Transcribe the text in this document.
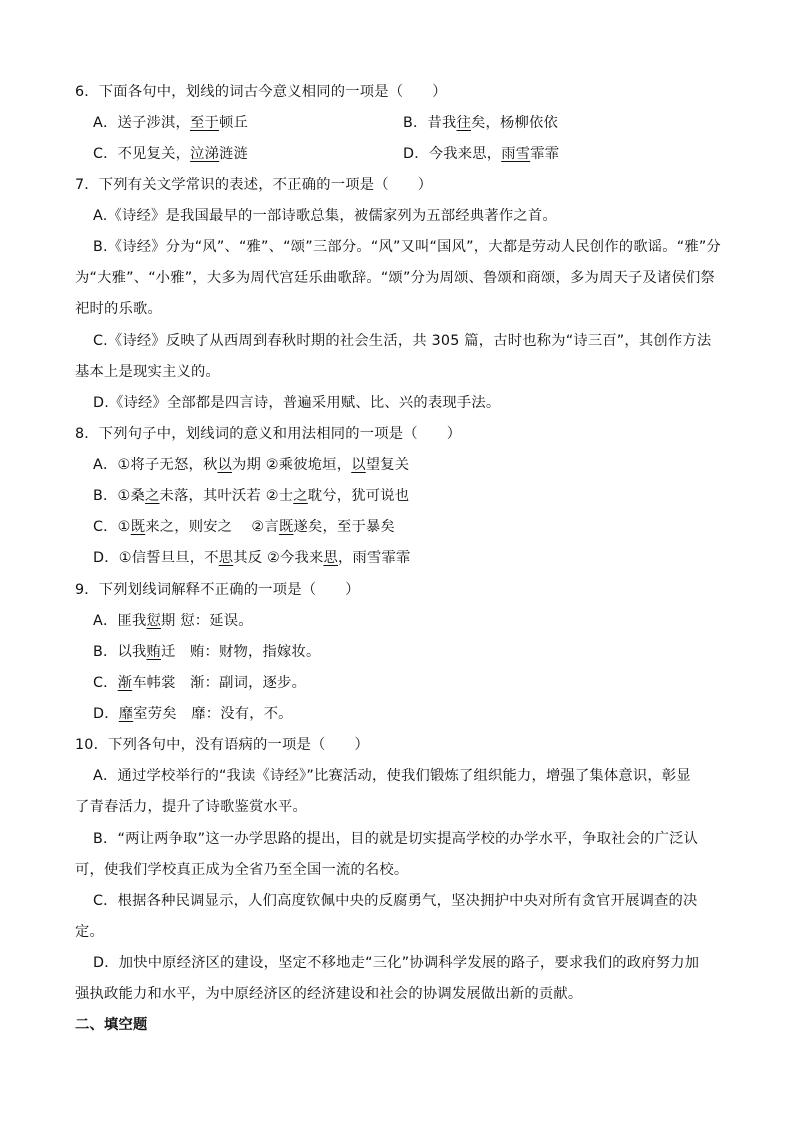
6．下面各句中，划线的词古今意义相同的一项是（　　）
A．送子涉淇，至于顿丘	B．昔我往矣，杨柳依依
C．不见复关，泣涕涟涟	D．今我来思，雨雪霏霏
7．下列有关文学常识的表述，不正确的一项是（　　）
A.《诗经》是我国最早的一部诗歌总集，被儒家列为五部经典著作之首。
B.《诗经》分为“风”、“雅”、“颂”三部分。“风”又叫“国风”，大都是劳动人民创作的歌谣。“雅”分
为“大雅”、“小雅”，大多为周代宫廷乐曲歌辞。“颂”分为周颂、鲁颂和商颂，多为周天子及诸侯们祭
祀时的乐歌。
C.《诗经》反映了从西周到春秋时期的社会生活，共 305 篇，古时也称为“诗三百”，其创作方法
基本上是现实主义的。
D.《诗经》全部都是四言诗，普遍采用赋、比、兴的表现手法。
8．下列句子中，划线词的意义和用法相同的一项是（　　）
A．①将子无怒，秋以为期 ②乘彼垝垣，以望复关
B．①桑之未落，其叶沃若 ②士之耽兮，犹可说也
C．①既来之，则安之　 ②言既遂矣，至于暴矣
D．①信誓旦旦，不思其反 ②今我来思，雨雪霏霏
9．下列划线词解释不正确的一项是（　　）
A．匪我愆期 愆：延误。
B．以我贿迁　贿：财物，指嫁妆。
C．渐车帏裳　渐：副词，逐步。
D．靡室劳矣　靡：没有，不。
10．下列各句中，没有语病的一项是（　　）
A．通过学校举行的“我读《诗经》”比赛活动，使我们锻炼了组织能力，增强了集体意识，彰显
了青春活力，提升了诗歌鉴赏水平。
B．“两让两争取”这一办学思路的提出，目的就是切实提高学校的办学水平，争取社会的广泛认
可，使我们学校真正成为全省乃至全国一流的名校。
C．根据各种民调显示，人们高度钦佩中央的反腐勇气，坚决拥护中央对所有贪官开展调查的决
定。
D．加快中原经济区的建设，坚定不移地走“三化”协调科学发展的路子，要求我们的政府努力加
强执政能力和水平，为中原经济区的经济建设和社会的协调发展做出新的贡献。
二、填空题
